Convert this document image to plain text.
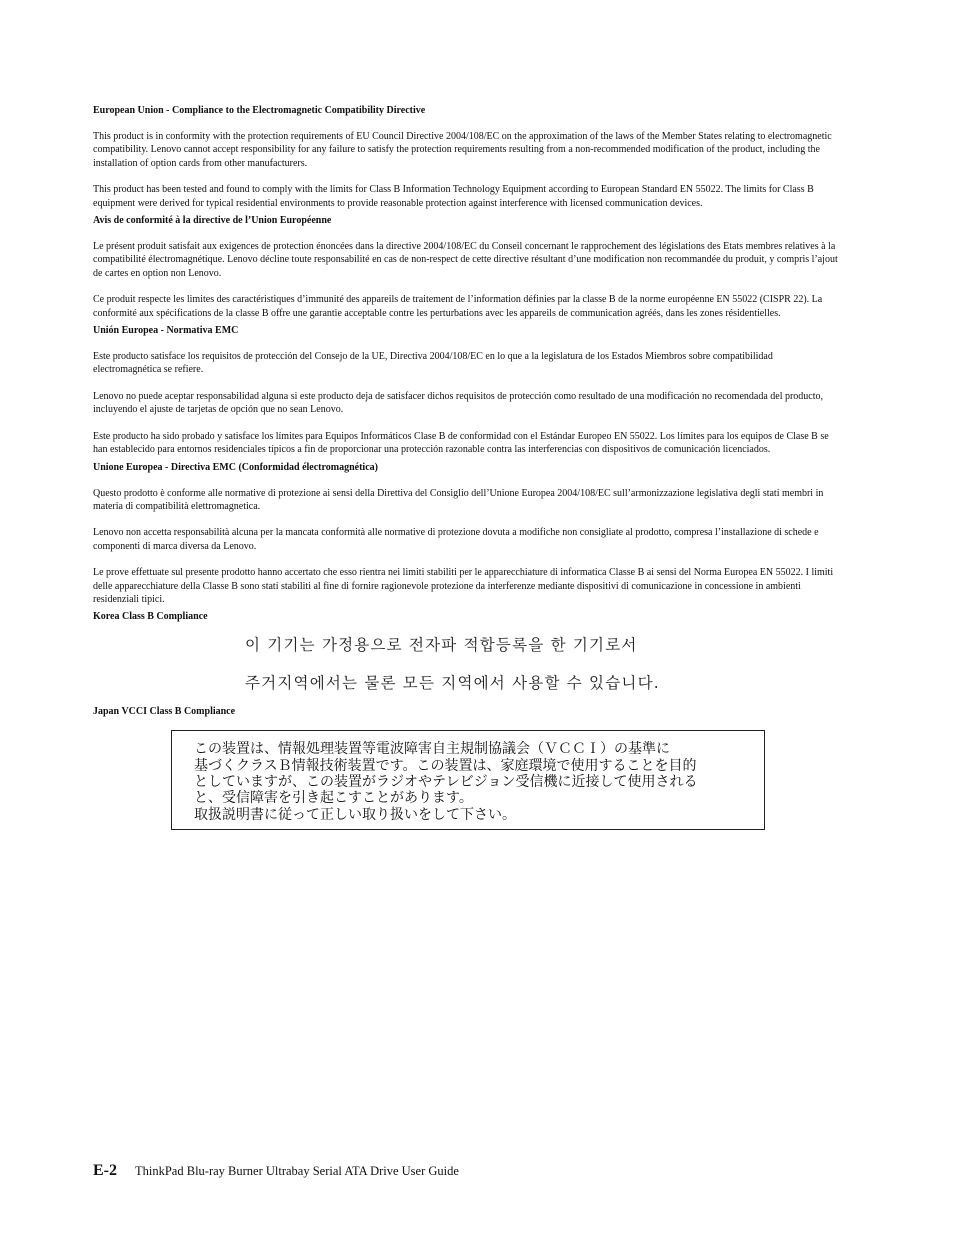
European Union - Compliance to the Electromagnetic Compatibility Directive

This product is in conformity with the protection requirements of EU Council Directive 2004/108/EC on the approximation of the laws of the Member States relating to electromagnetic compatibility. Lenovo cannot accept responsibility for any failure to satisfy the protection requirements resulting from a non-recommended modification of the product, including the installation of option cards from other manufacturers.

This product has been tested and found to comply with the limits for Class B Information Technology Equipment according to European Standard EN 55022. The limits for Class B equipment were derived for typical residential environments to provide reasonable protection against interference with licensed communication devices.

Avis de conformité à la directive de l’Union Européenne

Le présent produit satisfait aux exigences de protection énoncées dans la directive 2004/108/EC du Conseil concernant le rapprochement des législations des Etats membres relatives à la compatibilité électromagnétique. Lenovo décline toute responsabilité en cas de non-respect de cette directive résultant d’une modification non recommandée du produit, y compris l’ajout de cartes en option non Lenovo.

Ce produit respecte les limites des caractéristiques d’immunité des appareils de traitement de l’information définies par la classe B de la norme européenne EN 55022 (CISPR 22). La conformité aux spécifications de la classe B offre une garantie acceptable contre les perturbations avec les appareils de communication agréés, dans les zones résidentielles.

Unión Europea - Normativa EMC

Este producto satisface los requisitos de protección del Consejo de la UE, Directiva 2004/108/EC en lo que a la legislatura de los Estados Miembros sobre compatibilidad electromagnética se refiere.

Lenovo no puede aceptar responsabilidad alguna si este producto deja de satisfacer dichos requisitos de protección como resultado de una modificación no recomendada del producto, incluyendo el ajuste de tarjetas de opción que no sean Lenovo.

Este producto ha sido probado y satisface los límites para Equipos Informáticos Clase B de conformidad con el Estándar Europeo EN 55022. Los límites para los equipos de Clase B se han establecido para entornos residenciales típicos a fin de proporcionar una protección razonable contra las interferencias con dispositivos de comunicación licenciados.

Unione Europea - Directiva EMC (Conformidad électromagnética)

Questo prodotto è conforme alle normative di protezione ai sensi della Direttiva del Consiglio dell’Unione Europea 2004/108/EC sull’armonizzazione legislativa degli stati membri in materia di compatibilità elettromagnetica.

Lenovo non accetta responsabilità alcuna per la mancata conformità alle normative di protezione dovuta a modifiche non consigliate al prodotto, compresa l’installazione di schede e componenti di marca diversa da Lenovo.

Le prove effettuate sul presente prodotto hanno accertato che esso rientra nei limiti stabiliti per le apparecchiature di informatica Classe B ai sensi del Norma Europea EN 55022. I limiti delle apparecchiature della Classe B sono stati stabiliti al fine di fornire ragionevole protezione da interferenze mediante dispositivi di comunicazione in concessione in ambienti residenziali tipici.

Korea Class B Compliance

이 기기는 가정용으로 전자파 적합등록을 한 기기로서

주거지역에서는 물론 모든 지역에서 사용할 수 있습니다.

Japan VCCI Class B Compliance

この装置は、情報処理装置等電波障害自主規制協議会（ＶＣＣＩ）の基準に
基づくクラスＢ情報技術装置です。この装置は、家庭環境で使用することを目的
としていますが、この装置がラジオやテレビジョン受信機に近接して使用される
と、受信障害を引き起こすことがあります。
取扱説明書に従って正しい取り扱いをして下さい。

E-2 ThinkPad Blu-ray Burner Ultrabay Serial ATA Drive User Guide
